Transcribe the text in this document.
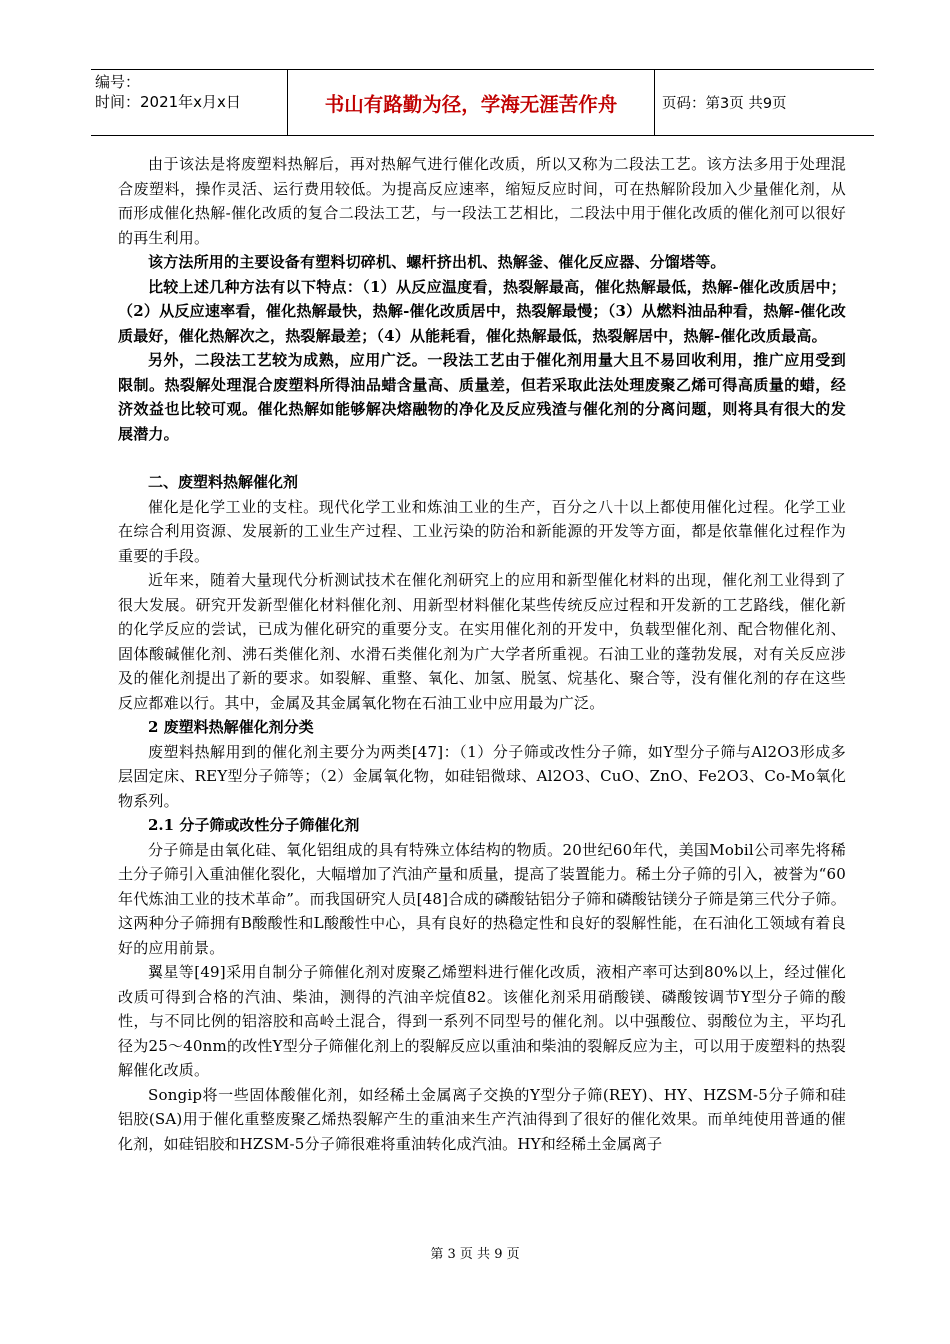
编号：
时间：2021年x月x日	书山有路勤为径，学海无涯苦作舟	页码：第3页 共9页

由于该法是将废塑料热解后，再对热解气进行催化改质，所以又称为二段法工艺。该方法多用于处理混合废塑料，操作灵活、运行费用较低。为提高反应速率，缩短反应时间，可在热解阶段加入少量催化剂，从而形成催化热解-催化改质的复合二段法工艺，与一段法工艺相比，二段法中用于催化改质的催化剂可以很好的再生利用。

该方法所用的主要设备有塑料切碎机、螺杆挤出机、热解釜、催化反应器、分馏塔等。

比较上述几种方法有以下特点：（1）从反应温度看，热裂解最高，催化热解最低，热解-催化改质居中；（2）从反应速率看，催化热解最快，热解-催化改质居中，热裂解最慢；（3）从燃料油品种看，热解-催化改质最好，催化热解次之，热裂解最差；（4）从能耗看，催化热解最低，热裂解居中，热解-催化改质最高。

另外，二段法工艺较为成熟，应用广泛。一段法工艺由于催化剂用量大且不易回收利用，推广应用受到限制。热裂解处理混合废塑料所得油品蜡含量高、质量差，但若采取此法处理废聚乙烯可得高质量的蜡，经济效益也比较可观。催化热解如能够解决熔融物的净化及反应残渣与催化剂的分离问题，则将具有很大的发展潜力。

二、废塑料热解催化剂

催化是化学工业的支柱。现代化学工业和炼油工业的生产，百分之八十以上都使用催化过程。化学工业在综合利用资源、发展新的工业生产过程、工业污染的防治和新能源的开发等方面，都是依靠催化过程作为重要的手段。

近年来，随着大量现代分析测试技术在催化剂研究上的应用和新型催化材料的出现，催化剂工业得到了很大发展。研究开发新型催化材料催化剂、用新型材料催化某些传统反应过程和开发新的工艺路线，催化新的化学反应的尝试，已成为催化研究的重要分支。在实用催化剂的开发中，负载型催化剂、配合物催化剂、固体酸碱催化剂、沸石类催化剂、水滑石类催化剂为广大学者所重视。石油工业的蓬勃发展，对有关反应涉及的催化剂提出了新的要求。如裂解、重整、氧化、加氢、脱氢、烷基化、聚合等，没有催化剂的存在这些反应都难以行。其中，金属及其金属氧化物在石油工业中应用最为广泛。

2 废塑料热解催化剂分类

废塑料热解用到的催化剂主要分为两类[47]：（1）分子筛或改性分子筛，如Y型分子筛与Al2O3形成多层固定床、REY型分子筛等；（2）金属氧化物，如硅铝微球、Al2O3、CuO、ZnO、Fe2O3、Co-Mo氧化物系列。

2.1 分子筛或改性分子筛催化剂

分子筛是由氧化硅、氧化铝组成的具有特殊立体结构的物质。20世纪60年代，美国Mobil公司率先将稀土分子筛引入重油催化裂化，大幅增加了汽油产量和质量，提高了装置能力。稀土分子筛的引入，被誉为“60年代炼油工业的技术革命”。而我国研究人员[48]合成的磷酸钴铝分子筛和磷酸钴镁分子筛是第三代分子筛。这两种分子筛拥有B酸酸性和L酸酸性中心，具有良好的热稳定性和良好的裂解性能，在石油化工领域有着良好的应用前景。

翼星等[49]采用自制分子筛催化剂对废聚乙烯塑料进行催化改质，液相产率可达到80%以上，经过催化改质可得到合格的汽油、柴油，测得的汽油辛烷值82。该催化剂采用硝酸镁、磷酸铵调节Y型分子筛的酸性，与不同比例的铝溶胶和高岭土混合，得到一系列不同型号的催化剂。以中强酸位、弱酸位为主，平均孔径为25～40nm的改性Y型分子筛催化剂上的裂解反应以重油和柴油的裂解反应为主，可以用于废塑料的热裂解催化改质。

Songip将一些固体酸催化剂，如经稀土金属离子交换的Y型分子筛(REY)、HY、HZSM-5分子筛和硅铝胶(SA)用于催化重整废聚乙烯热裂解产生的重油来生产汽油得到了很好的催化效果。而单纯使用普通的催化剂，如硅铝胶和HZSM-5分子筛很难将重油转化成汽油。HY和经稀土金属离子

第 3 页 共 9 页
